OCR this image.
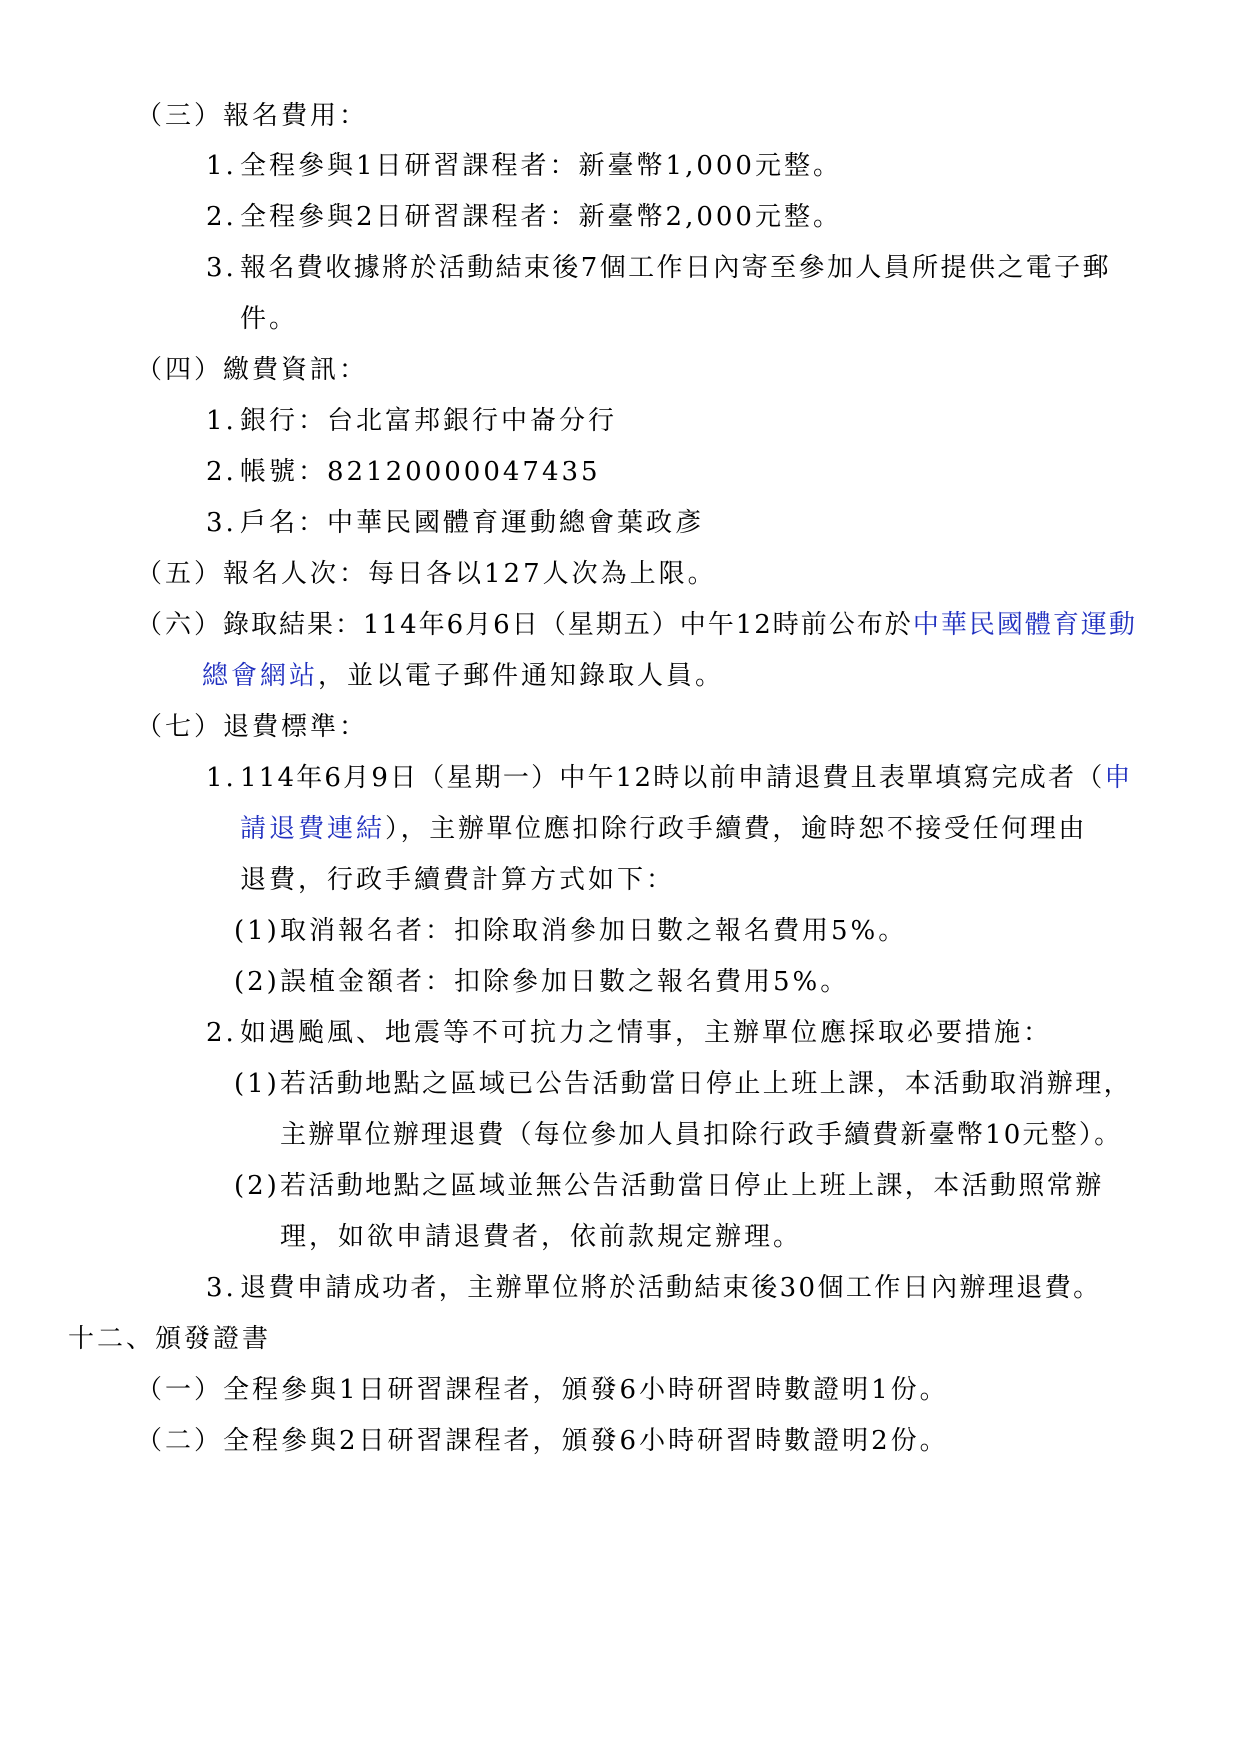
（三）報名費用：
1. 全程參與1日研習課程者：新臺幣1,000元整。
2. 全程參與2日研習課程者：新臺幣2,000元整。
3. 報名費收據將於活動結束後7個工作日內寄至參加人員所提供之電子郵
件。
（四）繳費資訊：
1. 銀行：台北富邦銀行中崙分行
2. 帳號：82120000047435
3. 戶名：中華民國體育運動總會葉政彥
（五）報名人次：每日各以127人次為上限。
（六）錄取結果：114年6月6日（星期五）中午12時前公布於中華民國體育運動
總會網站，並以電子郵件通知錄取人員。
（七）退費標準：
1. 114年6月9日（星期一）中午12時以前申請退費且表單填寫完成者（申
請退費連結），主辦單位應扣除行政手續費，逾時恕不接受任何理由
退費，行政手續費計算方式如下：
(1)取消報名者：扣除取消參加日數之報名費用5%。
(2)誤植金額者：扣除參加日數之報名費用5%。
2. 如遇颱風、地震等不可抗力之情事，主辦單位應採取必要措施：
(1)若活動地點之區域已公告活動當日停止上班上課，本活動取消辦理，
主辦單位辦理退費（每位參加人員扣除行政手續費新臺幣10元整）。
(2)若活動地點之區域並無公告活動當日停止上班上課，本活動照常辦
理，如欲申請退費者，依前款規定辦理。
3. 退費申請成功者，主辦單位將於活動結束後30個工作日內辦理退費。
十二、頒發證書
（一）全程參與1日研習課程者，頒發6小時研習時數證明1份。
（二）全程參與2日研習課程者，頒發6小時研習時數證明2份。
